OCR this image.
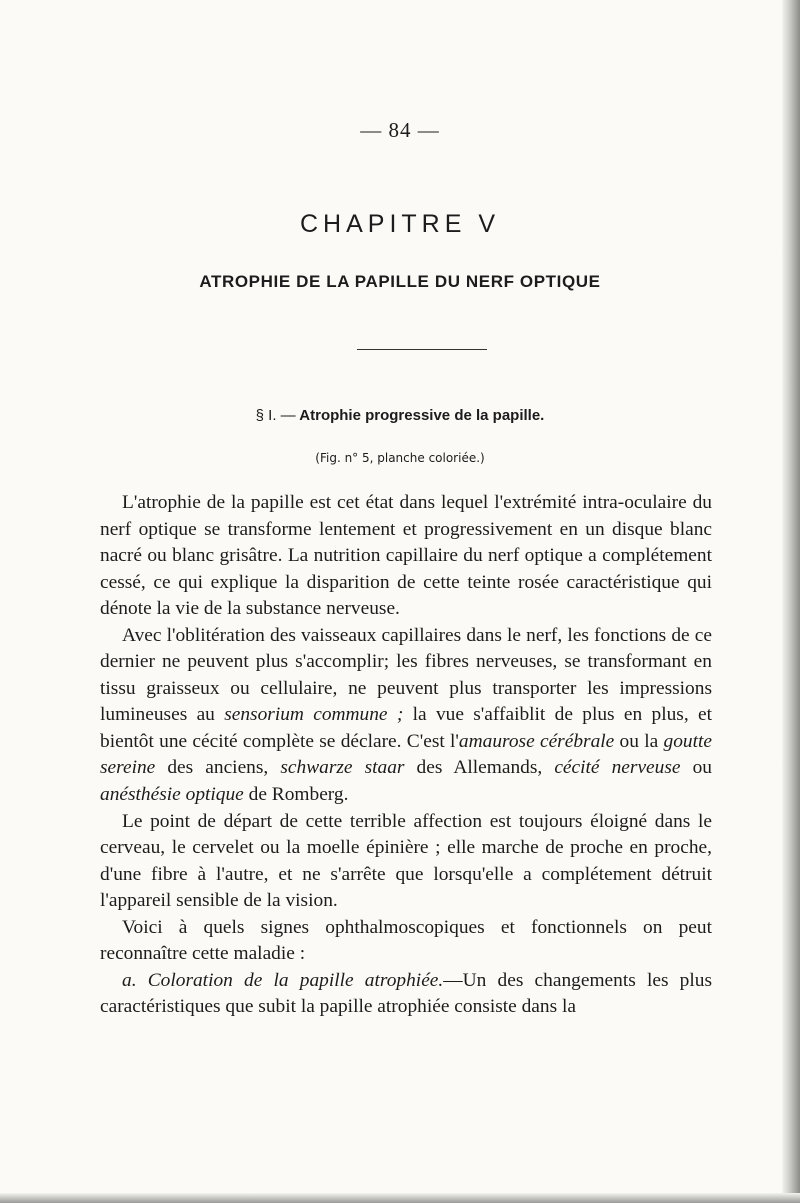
— 84 —
CHAPITRE V
ATROPHIE DE LA PAPILLE DU NERF OPTIQUE
§ I. — Atrophie progressive de la papille.
(Fig. n° 5, planche coloriée.)

L'atrophie de la papille est cet état dans lequel l'extrémité intra-oculaire du nerf optique se transforme lentement et progressivement en un disque blanc nacré ou blanc grisâtre. La nutrition capillaire du nerf optique a complétement cessé, ce qui explique la disparition de cette teinte rosée caractéristique qui dénote la vie de la substance nerveuse.

Avec l'oblitération des vaisseaux capillaires dans le nerf, les fonctions de ce dernier ne peuvent plus s'accomplir; les fibres nerveuses, se transformant en tissu graisseux ou cellulaire, ne peuvent plus transporter les impressions lumineuses au sensorium commune ; la vue s'affaiblit de plus en plus, et bientôt une cécité complète se déclare. C'est l'amaurose cérébrale ou la goutte sereine des anciens, schwarze staar des Allemands, cécité nerveuse ou anésthésie optique de Romberg.

Le point de départ de cette terrible affection est toujours éloigné dans le cerveau, le cervelet ou la moelle épinière ; elle marche de proche en proche, d'une fibre à l'autre, et ne s'arrête que lorsqu'elle a complétement détruit l'appareil sensible de la vision.

Voici à quels signes ophthalmoscopiques et fonctionnels on peut reconnaître cette maladie :

a. Coloration de la papille atrophiée.—Un des changements les plus caractéristiques que subit la papille atrophiée consiste dans la
